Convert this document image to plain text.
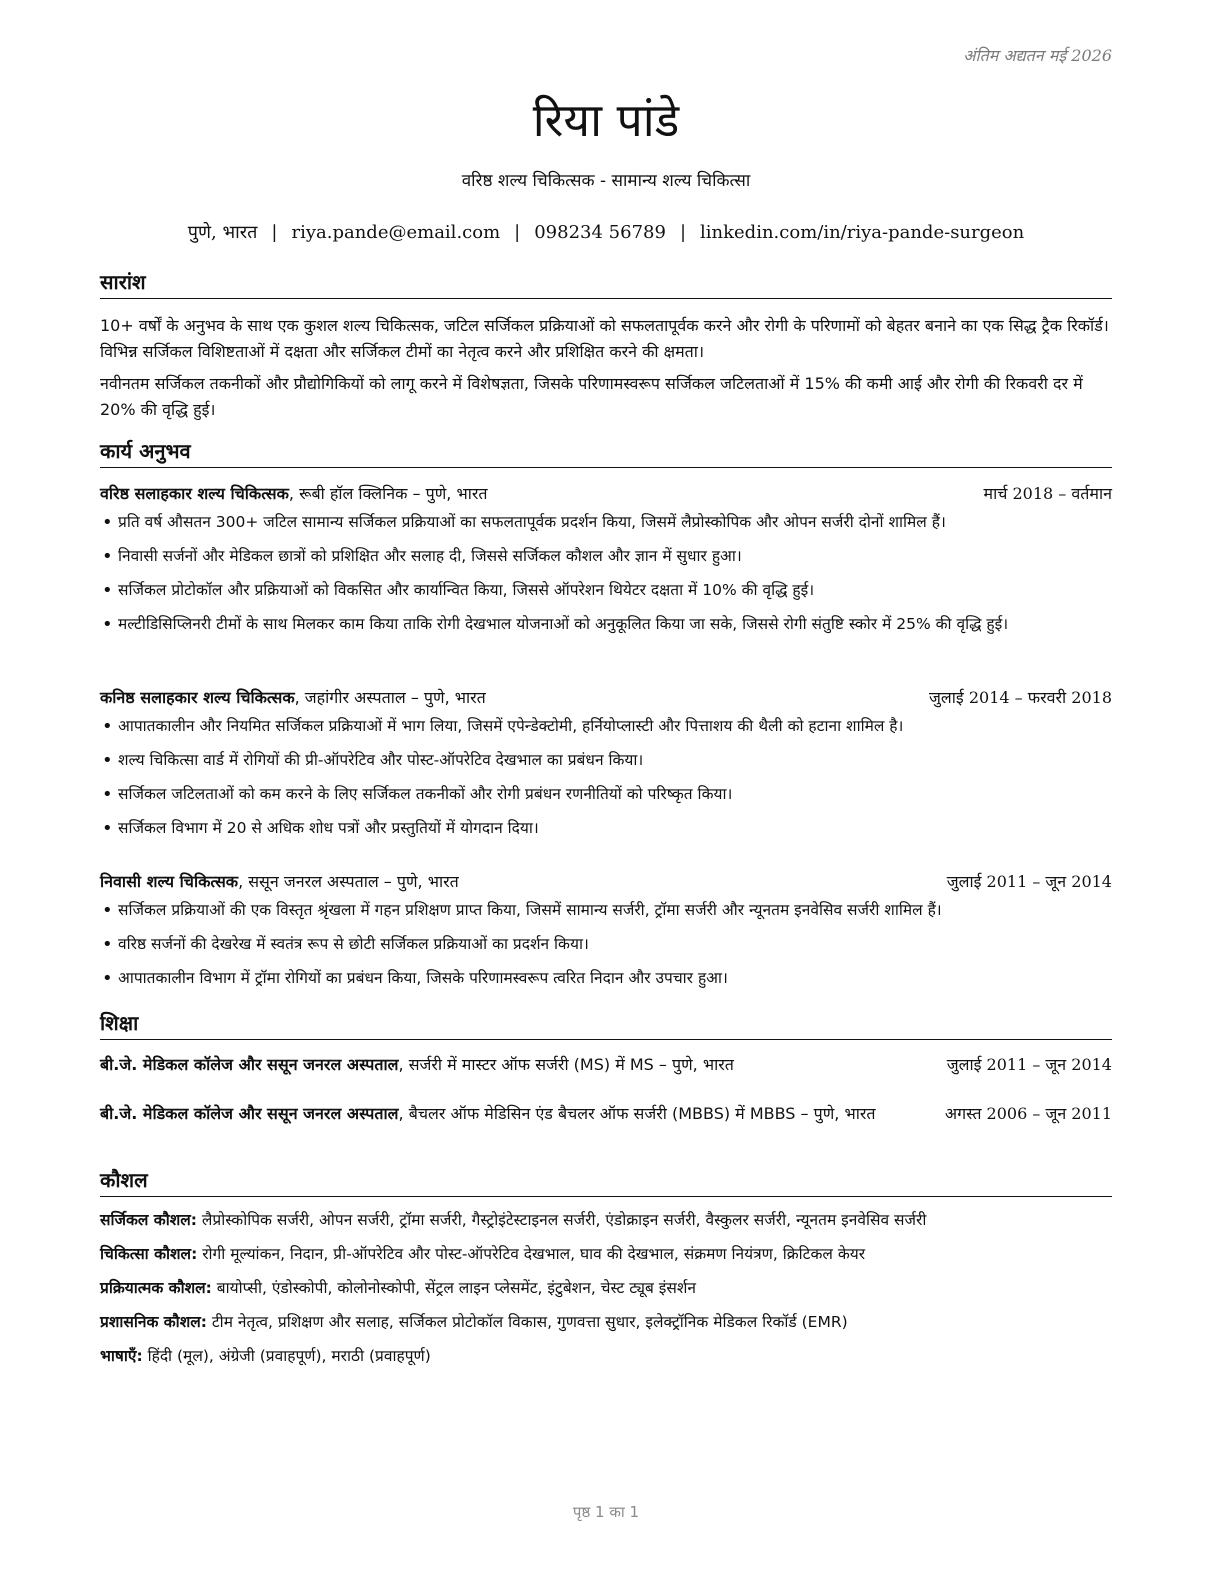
अंतिम अद्यतन मई 2026
रिया पांडे
वरिष्ठ शल्य चिकित्सक - सामान्य शल्य चिकित्सा
पुणे, भारत | riya.pande@email.com | 098234 56789 | linkedin.com/in/riya-pande-surgeon
सारांश
10+ वर्षों के अनुभव के साथ एक कुशल शल्य चिकित्सक, जटिल सर्जिकल प्रक्रियाओं को सफलतापूर्वक करने और रोगी के परिणामों को बेहतर बनाने का एक सिद्ध ट्रैक रिकॉर्ड। विभिन्न सर्जिकल विशिष्टताओं में दक्षता और सर्जिकल टीमों का नेतृत्व करने और प्रशिक्षित करने की क्षमता।
नवीनतम सर्जिकल तकनीकों और प्रौद्योगिकियों को लागू करने में विशेषज्ञता, जिसके परिणामस्वरूप सर्जिकल जटिलताओं में 15% की कमी आई और रोगी की रिकवरी दर में 20% की वृद्धि हुई।
कार्य अनुभव
वरिष्ठ सलाहकार शल्य चिकित्सक, रूबी हॉल क्लिनिक – पुणे, भारत	मार्च 2018 – वर्तमान
• प्रति वर्ष औसतन 300+ जटिल सामान्य सर्जिकल प्रक्रियाओं का सफलतापूर्वक प्रदर्शन किया, जिसमें लैप्रोस्कोपिक और ओपन सर्जरी दोनों शामिल हैं।
• निवासी सर्जनों और मेडिकल छात्रों को प्रशिक्षित और सलाह दी, जिससे सर्जिकल कौशल और ज्ञान में सुधार हुआ।
• सर्जिकल प्रोटोकॉल और प्रक्रियाओं को विकसित और कार्यान्वित किया, जिससे ऑपरेशन थियेटर दक्षता में 10% की वृद्धि हुई।
• मल्टीडिसिप्लिनरी टीमों के साथ मिलकर काम किया ताकि रोगी देखभाल योजनाओं को अनुकूलित किया जा सके, जिससे रोगी संतुष्टि स्कोर में 25% की वृद्धि हुई।
कनिष्ठ सलाहकार शल्य चिकित्सक, जहांगीर अस्पताल – पुणे, भारत	जुलाई 2014 – फरवरी 2018
• आपातकालीन और नियमित सर्जिकल प्रक्रियाओं में भाग लिया, जिसमें एपेन्डेक्टोमी, हर्नियोप्लास्टी और पित्ताशय की थैली को हटाना शामिल है।
• शल्य चिकित्सा वार्ड में रोगियों की प्री-ऑपरेटिव और पोस्ट-ऑपरेटिव देखभाल का प्रबंधन किया।
• सर्जिकल जटिलताओं को कम करने के लिए सर्जिकल तकनीकों और रोगी प्रबंधन रणनीतियों को परिष्कृत किया।
• सर्जिकल विभाग में 20 से अधिक शोध पत्रों और प्रस्तुतियों में योगदान दिया।
निवासी शल्य चिकित्सक, ससून जनरल अस्पताल – पुणे, भारत	जुलाई 2011 – जून 2014
• सर्जिकल प्रक्रियाओं की एक विस्तृत श्रृंखला में गहन प्रशिक्षण प्राप्त किया, जिसमें सामान्य सर्जरी, ट्रॉमा सर्जरी और न्यूनतम इनवेसिव सर्जरी शामिल हैं।
• वरिष्ठ सर्जनों की देखरेख में स्वतंत्र रूप से छोटी सर्जिकल प्रक्रियाओं का प्रदर्शन किया।
• आपातकालीन विभाग में ट्रॉमा रोगियों का प्रबंधन किया, जिसके परिणामस्वरूप त्वरित निदान और उपचार हुआ।
शिक्षा
बी.जे. मेडिकल कॉलेज और ससून जनरल अस्पताल, सर्जरी में मास्टर ऑफ सर्जरी (MS) में MS – पुणे, भारत	जुलाई 2011 – जून 2014
बी.जे. मेडिकल कॉलेज और ससून जनरल अस्पताल, बैचलर ऑफ मेडिसिन एंड बैचलर ऑफ सर्जरी (MBBS) में MBBS – पुणे, भारत	अगस्त 2006 – जून 2011
कौशल
सर्जिकल कौशल: लैप्रोस्कोपिक सर्जरी, ओपन सर्जरी, ट्रॉमा सर्जरी, गैस्ट्रोइंटेस्टाइनल सर्जरी, एंडोक्राइन सर्जरी, वैस्कुलर सर्जरी, न्यूनतम इनवेसिव सर्जरी
चिकित्सा कौशल: रोगी मूल्यांकन, निदान, प्री-ऑपरेटिव और पोस्ट-ऑपरेटिव देखभाल, घाव की देखभाल, संक्रमण नियंत्रण, क्रिटिकल केयर
प्रक्रियात्मक कौशल: बायोप्सी, एंडोस्कोपी, कोलोनोस्कोपी, सेंट्रल लाइन प्लेसमेंट, इंटुबेशन, चेस्ट ट्यूब इंसर्शन
प्रशासनिक कौशल: टीम नेतृत्व, प्रशिक्षण और सलाह, सर्जिकल प्रोटोकॉल विकास, गुणवत्ता सुधार, इलेक्ट्रॉनिक मेडिकल रिकॉर्ड (EMR)
भाषाएँ: हिंदी (मूल), अंग्रेजी (प्रवाहपूर्ण), मराठी (प्रवाहपूर्ण)
पृष्ठ 1 का 1
